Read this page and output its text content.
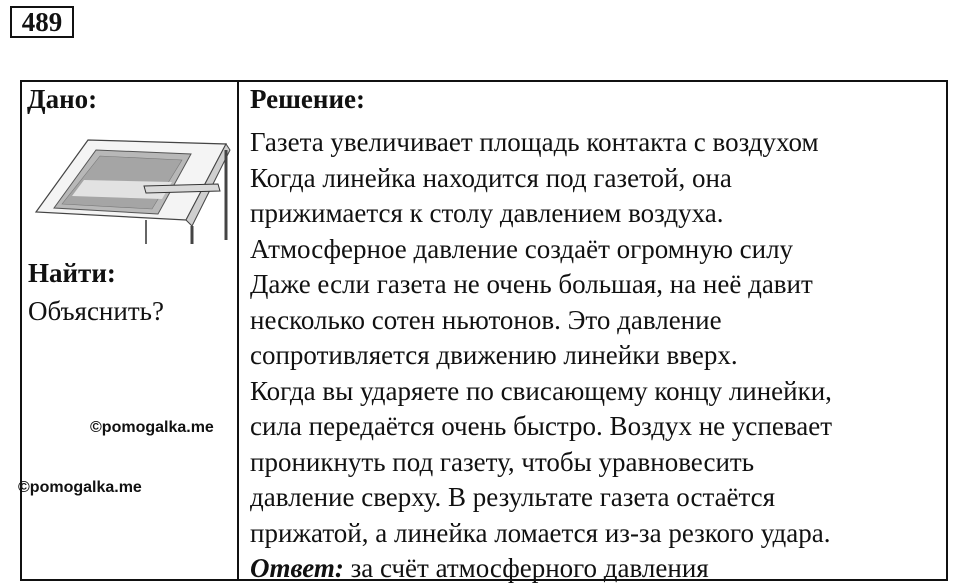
489
Дано:
Найти:
Объяснить?
Решение:
Газета увеличивает площадь контакта с воздухом
Когда линейка находится под газетой, она
прижимается к столу давлением воздуха.
Атмосферное давление создаёт огромную силу
Даже если газета не очень большая, на неё давит
несколько сотен ньютонов. Это давление
сопротивляется движению линейки вверх.
Когда вы ударяете по свисающему концу линейки,
сила передаётся очень быстро. Воздух не успевает
проникнуть под газету, чтобы уравновесить
давление сверху. В результате газета остаётся
прижатой, а линейка ломается из-за резкого удара.
Ответ: за счёт атмосферного давления
©pomogalka.me
©pomogalka.me
